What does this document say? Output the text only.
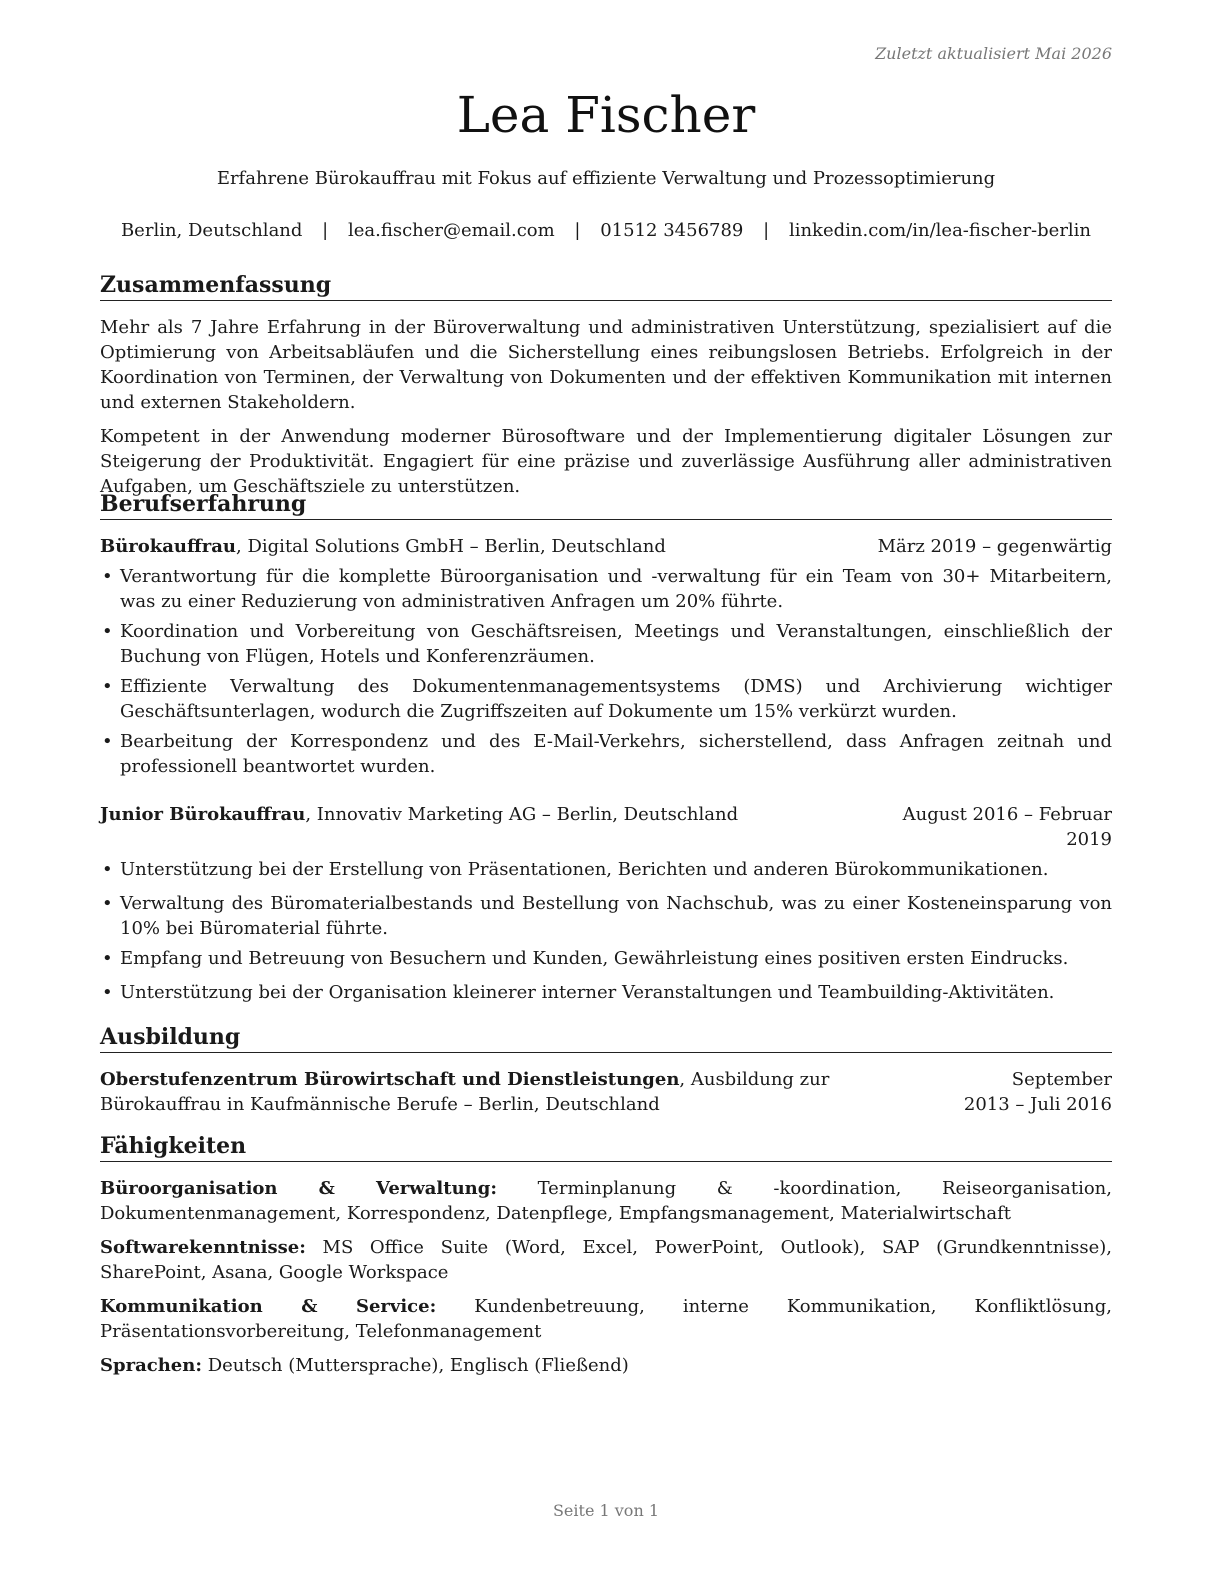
Zuletzt aktualisiert Mai 2026
Lea Fischer
Erfahrene Bürokauffrau mit Fokus auf effiziente Verwaltung und Prozessoptimierung
Berlin, Deutschland | lea.fischer@email.com | 01512 3456789 | linkedin.com/in/lea-fischer-berlin
Zusammenfassung

Mehr als 7 Jahre Erfahrung in der Büroverwaltung und administrativen Unterstützung, spezialisiert auf die Optimierung von Arbeitsabläufen und die Sicherstellung eines reibungslosen Betriebs. Erfolgreich in der Koordination von Terminen, der Verwaltung von Dokumenten und der effektiven Kommunikation mit internen und externen Stakeholdern.

Kompetent in der Anwendung moderner Bürosoftware und der Implementierung digitaler Lösungen zur Steigerung der Produktivität. Engagiert für eine präzise und zuverlässige Ausführung aller administrativen Aufgaben, um Geschäftsziele zu unterstützen.

Berufserfahrung
Bürokauffrau, Digital Solutions GmbH – Berlin, Deutschland	März 2019 – gegenwärtig
• Verantwortung für die komplette Büroorganisation und -verwaltung für ein Team von 30+ Mitarbeitern, was zu einer Reduzierung von administrativen Anfragen um 20% führte.
• Koordination und Vorbereitung von Geschäftsreisen, Meetings und Veranstaltungen, einschließlich der Buchung von Flügen, Hotels und Konferenzräumen.
• Effiziente Verwaltung des Dokumentenmanagementsystems (DMS) und Archivierung wichtiger Geschäftsunterlagen, wodurch die Zugriffszeiten auf Dokumente um 15% verkürzt wurden.
• Bearbeitung der Korrespondenz und des E-Mail-Verkehrs, sicherstellend, dass Anfragen zeitnah und professionell beantwortet wurden.
Junior Bürokauffrau, Innovativ Marketing AG – Berlin, Deutschland	August 2016 – Februar 2019
• Unterstützung bei der Erstellung von Präsentationen, Berichten und anderen Bürokommunikationen.
• Verwaltung des Büromaterialbestands und Bestellung von Nachschub, was zu einer Kosteneinsparung von 10% bei Büromaterial führte.
• Empfang und Betreuung von Besuchern und Kunden, Gewährleistung eines positiven ersten Eindrucks.
• Unterstützung bei der Organisation kleinerer interner Veranstaltungen und Teambuilding-Aktivitäten.
Ausbildung
Oberstufenzentrum Bürowirtschaft und Dienstleistungen, Ausbildung zur Bürokauffrau in Kaufmännische Berufe – Berlin, Deutschland
September 2013 – Juli 2016
Fähigkeiten

Büroorganisation & Verwaltung: Terminplanung & -koordination, Reiseorganisation, Dokumentenmanagement, Korrespondenz, Datenpflege, Empfangsmanagement, Materialwirtschaft

Softwarekenntnisse: MS Office Suite (Word, Excel, PowerPoint, Outlook), SAP (Grundkenntnisse), SharePoint, Asana, Google Workspace

Kommunikation & Service: Kundenbetreuung, interne Kommunikation, Konfliktlösung, Präsentationsvorbereitung, Telefonmanagement

Sprachen: Deutsch (Muttersprache), Englisch (Fließend)

Seite 1 von 1
